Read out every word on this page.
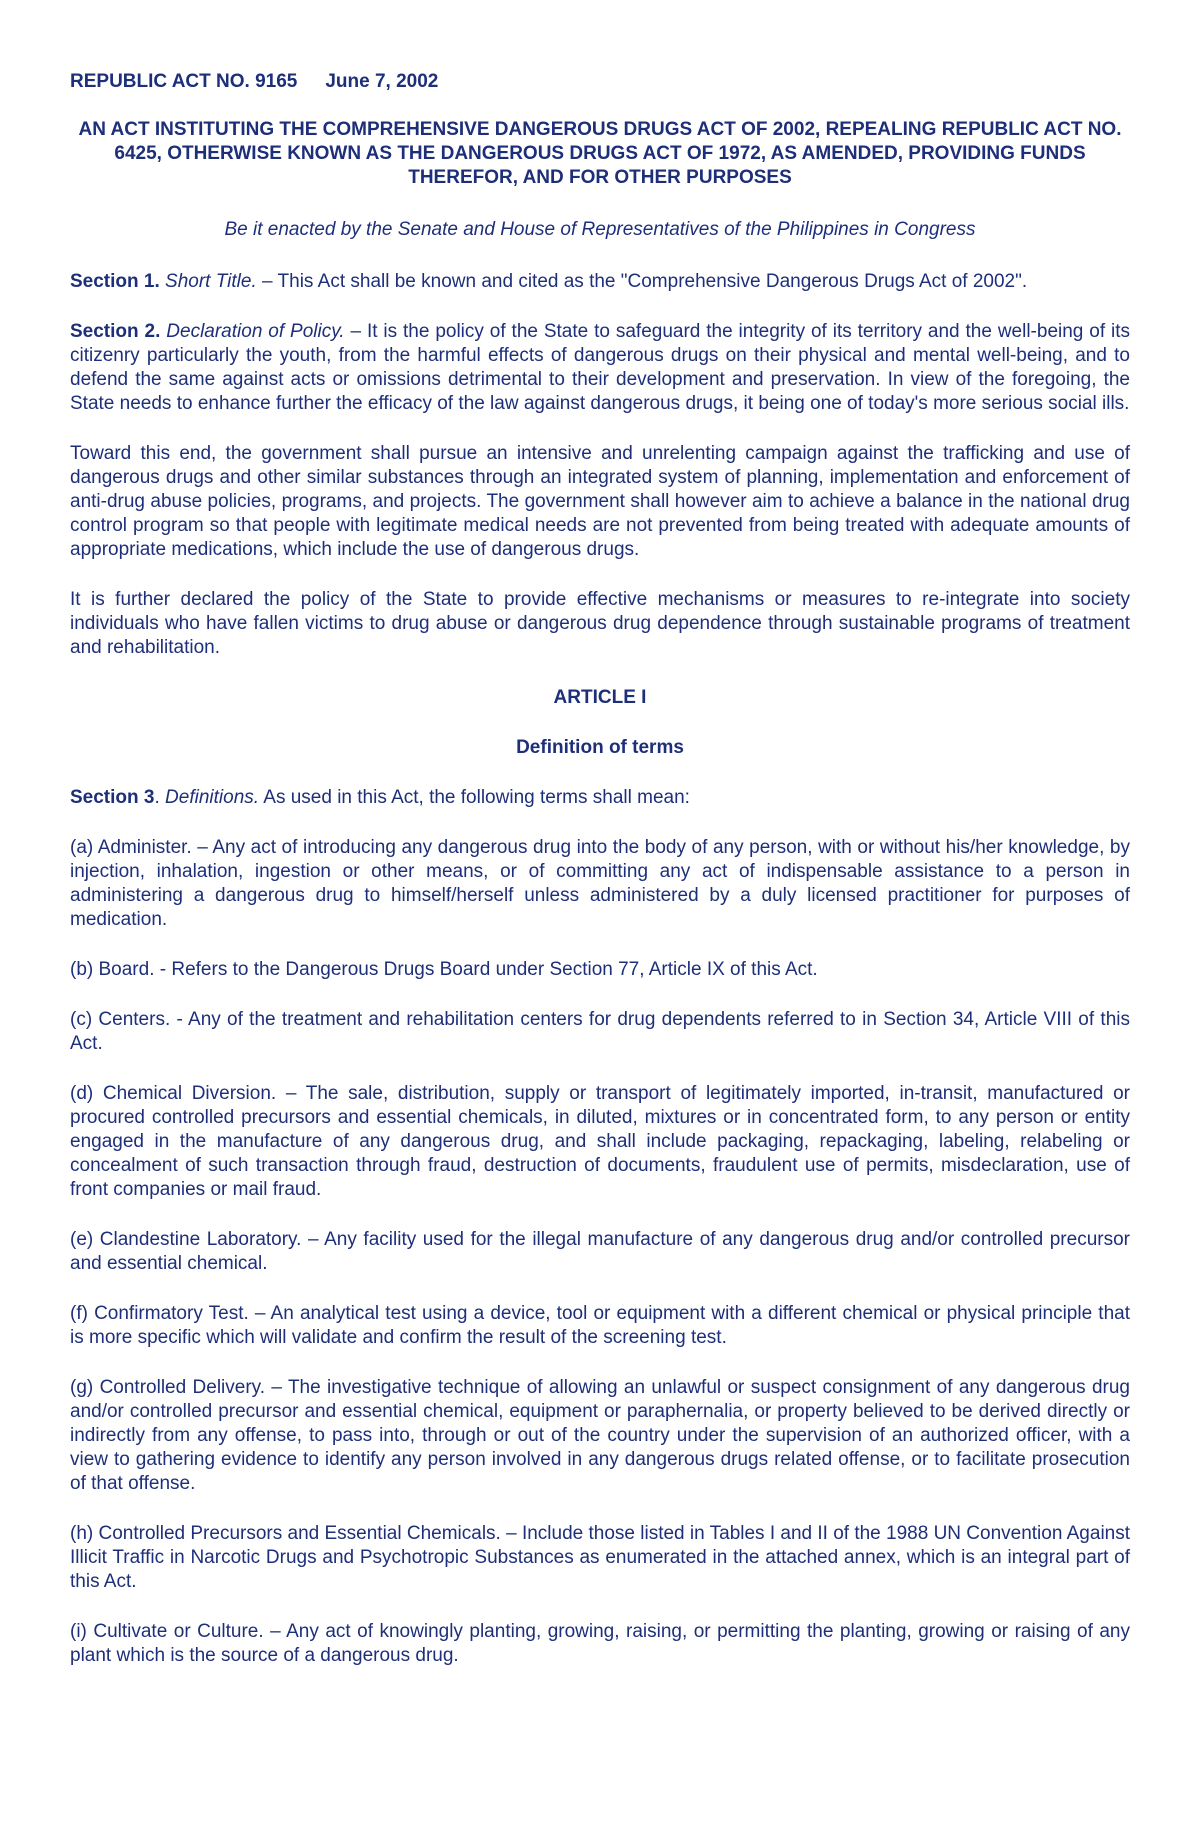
REPUBLIC ACT NO. 9165 June 7, 2002
AN ACT INSTITUTING THE COMPREHENSIVE DANGEROUS DRUGS ACT OF 2002, REPEALING REPUBLIC ACT NO. 6425, OTHERWISE KNOWN AS THE DANGEROUS DRUGS ACT OF 1972, AS AMENDED, PROVIDING FUNDS THEREFOR, AND FOR OTHER PURPOSES
Be it enacted by the Senate and House of Representatives of the Philippines in Congress

Section 1. Short Title. – This Act shall be known and cited as the "Comprehensive Dangerous Drugs Act of 2002".

Section 2. Declaration of Policy. – It is the policy of the State to safeguard the integrity of its territory and the well-being of its citizenry particularly the youth, from the harmful effects of dangerous drugs on their physical and mental well-being, and to defend the same against acts or omissions detrimental to their development and preservation. In view of the foregoing, the State needs to enhance further the efficacy of the law against dangerous drugs, it being one of today's more serious social ills.

Toward this end, the government shall pursue an intensive and unrelenting campaign against the trafficking and use of dangerous drugs and other similar substances through an integrated system of planning, implementation and enforcement of anti-drug abuse policies, programs, and projects. The government shall however aim to achieve a balance in the national drug control program so that people with legitimate medical needs are not prevented from being treated with adequate amounts of appropriate medications, which include the use of dangerous drugs.

It is further declared the policy of the State to provide effective mechanisms or measures to re-integrate into society individuals who have fallen victims to drug abuse or dangerous drug dependence through sustainable programs of treatment and rehabilitation.

ARTICLE I
Definition of terms

Section 3. Definitions. As used in this Act, the following terms shall mean:

(a) Administer. – Any act of introducing any dangerous drug into the body of any person, with or without his/her knowledge, by injection, inhalation, ingestion or other means, or of committing any act of indispensable assistance to a person in administering a dangerous drug to himself/herself unless administered by a duly licensed practitioner for purposes of medication.

(b) Board. - Refers to the Dangerous Drugs Board under Section 77, Article IX of this Act.

(c) Centers. - Any of the treatment and rehabilitation centers for drug dependents referred to in Section 34, Article VIII of this Act.

(d) Chemical Diversion. – The sale, distribution, supply or transport of legitimately imported, in-transit, manufactured or procured controlled precursors and essential chemicals, in diluted, mixtures or in concentrated form, to any person or entity engaged in the manufacture of any dangerous drug, and shall include packaging, repackaging, labeling, relabeling or concealment of such transaction through fraud, destruction of documents, fraudulent use of permits, misdeclaration, use of front companies or mail fraud.

(e) Clandestine Laboratory. – Any facility used for the illegal manufacture of any dangerous drug and/or controlled precursor and essential chemical.

(f) Confirmatory Test. – An analytical test using a device, tool or equipment with a different chemical or physical principle that is more specific which will validate and confirm the result of the screening test.

(g) Controlled Delivery. – The investigative technique of allowing an unlawful or suspect consignment of any dangerous drug and/or controlled precursor and essential chemical, equipment or paraphernalia, or property believed to be derived directly or indirectly from any offense, to pass into, through or out of the country under the supervision of an authorized officer, with a view to gathering evidence to identify any person involved in any dangerous drugs related offense, or to facilitate prosecution of that offense.

(h) Controlled Precursors and Essential Chemicals. – Include those listed in Tables I and II of the 1988 UN Convention Against Illicit Traffic in Narcotic Drugs and Psychotropic Substances as enumerated in the attached annex, which is an integral part of this Act.

(i) Cultivate or Culture. – Any act of knowingly planting, growing, raising, or permitting the planting, growing or raising of any plant which is the source of a dangerous drug.
